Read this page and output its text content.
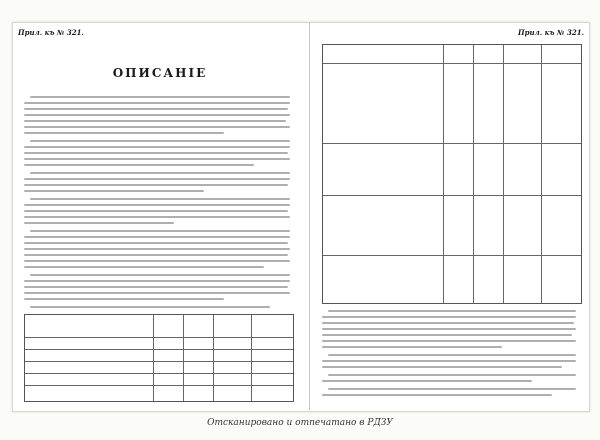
Прил. къ № 321.
ОПИСАНІЕ
Прил. къ № 321.
Отсканировано и отпечатано в РДЗУ
